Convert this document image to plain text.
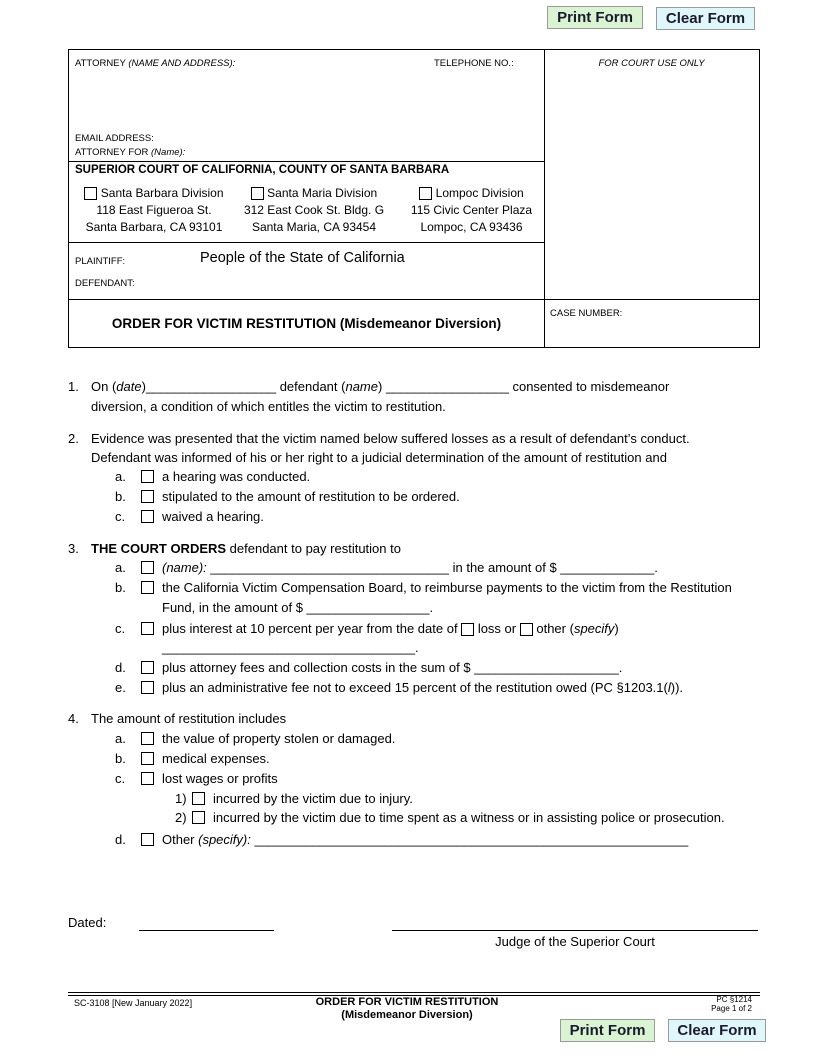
Print Form	Clear Form
ATTORNEY (NAME AND ADDRESS):	TELEPHONE NO.:	FOR COURT USE ONLY
EMAIL ADDRESS:
ATTORNEY FOR (Name):
SUPERIOR COURT OF CALIFORNIA, COUNTY OF SANTA BARBARA
Santa Barbara Division
118 East Figueroa St.
Santa Barbara, CA 93101
Santa Maria Division
312 East Cook St. Bldg. G
Santa Maria, CA 93454
Lompoc Division
115 Civic Center Plaza
Lompoc, CA 93436
PLAINTIFF:	People of the State of California
DEFENDANT:
ORDER FOR VICTIM RESTITUTION (Misdemeanor Diversion)
CASE NUMBER:
1. On (date)__________________ defendant (name) _________________ consented to misdemeanor
diversion, a condition of which entitles the victim to restitution.
2. Evidence was presented that the victim named below suffered losses as a result of defendant’s conduct.
Defendant was informed of his or her right to a judicial determination of the amount of restitution and
a.	a hearing was conducted.
b.	stipulated to the amount of restitution to be ordered.
c.	waived a hearing.
3. THE COURT ORDERS defendant to pay restitution to
a.	(name): _________________________________ in the amount of $ _____________.
b.	the California Victim Compensation Board, to reimburse payments to the victim from the Restitution
Fund, in the amount of $ _________________.
c.	plus interest at 10 percent per year from the date of loss or other (specify)
___________________________________.
d.	plus attorney fees and collection costs in the sum of $ ____________________.
e.	plus an administrative fee not to exceed 15 percent of the restitution owed (PC §1203.1(l)).
4. The amount of restitution includes
a.	the value of property stolen or damaged.
b.	medical expenses.
c.	lost wages or profits
1) incurred by the victim due to injury.
2) incurred by the victim due to time spent as a witness or in assisting police or prosecution.
d.	Other (specify): ____________________________________________________________
Dated:
Judge of the Superior Court
SC-3108 [New January 2022]	ORDER FOR VICTIM RESTITUTION
(Misdemeanor Diversion)
PC §1214
Page 1 of 2
Print Form	Clear Form
